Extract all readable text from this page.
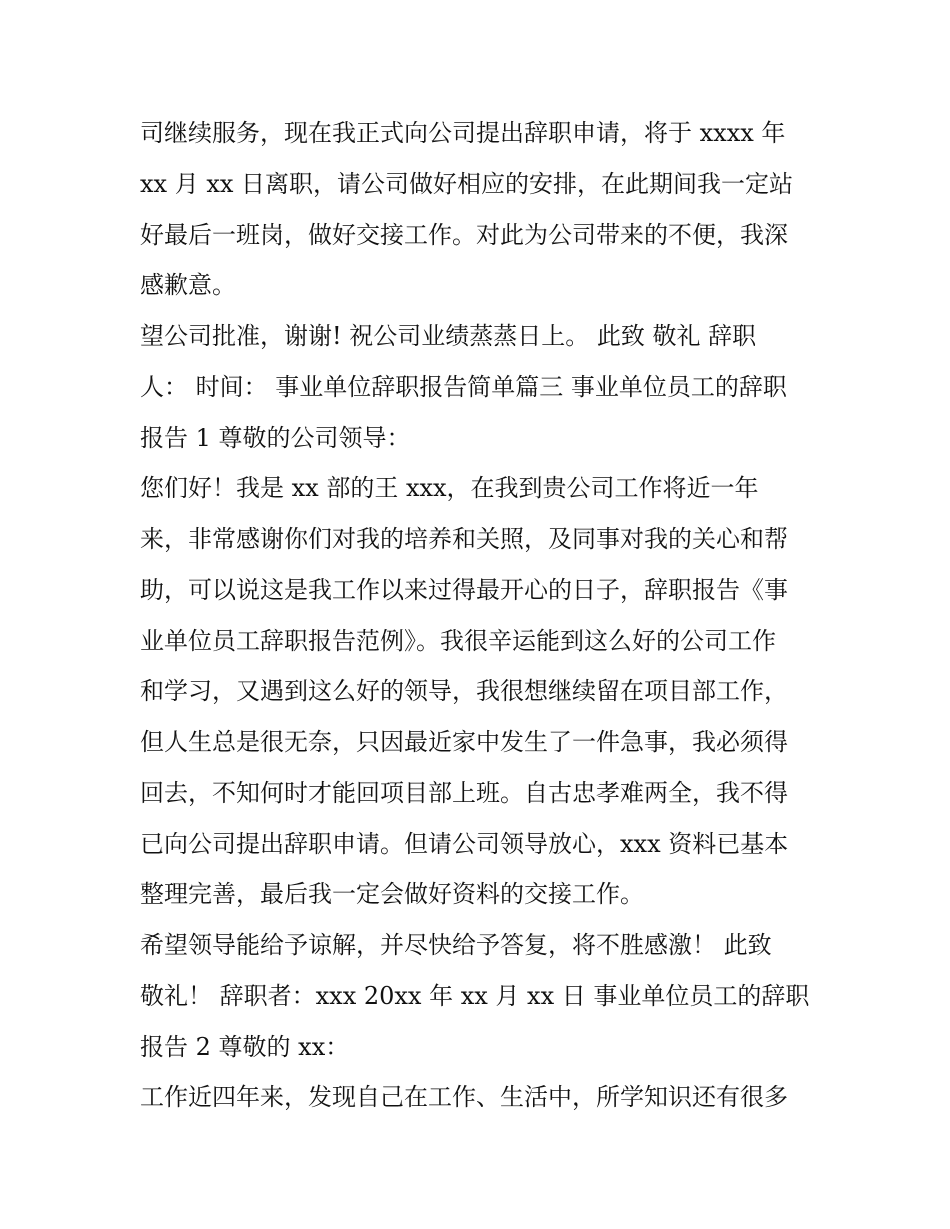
司继续服务，现在我正式向公司提出辞职申请，将于 xxxx 年
xx 月 xx 日离职，请公司做好相应的安排，在此期间我一定站
好最后一班岗，做好交接工作。对此为公司带来的不便，我深
感歉意。
望公司批准，谢谢! 祝公司业绩蒸蒸日上。 此致 敬礼 辞职
人： 时间： 事业单位辞职报告简单篇三 事业单位员工的辞职
报告 1 尊敬的公司领导：
您们好！我是 xx 部的王 xxx，在我到贵公司工作将近一年
来，非常感谢你们对我的培养和关照，及同事对我的关心和帮
助，可以说这是我工作以来过得最开心的日子，辞职报告《事
业单位员工辞职报告范例》。我很辛运能到这么好的公司工作
和学习，又遇到这么好的领导，我很想继续留在项目部工作，
但人生总是很无奈，只因最近家中发生了一件急事，我必须得
回去，不知何时才能回项目部上班。自古忠孝难两全，我不得
已向公司提出辞职申请。但请公司领导放心，xxx 资料已基本
整理完善，最后我一定会做好资料的交接工作。
希望领导能给予谅解，并尽快给予答复，将不胜感激！ 此致
敬礼！ 辞职者：xxx 20xx 年 xx 月 xx 日 事业单位员工的辞职
报告 2 尊敬的 xx：
工作近四年来，发现自己在工作、生活中，所学知识还有很多
